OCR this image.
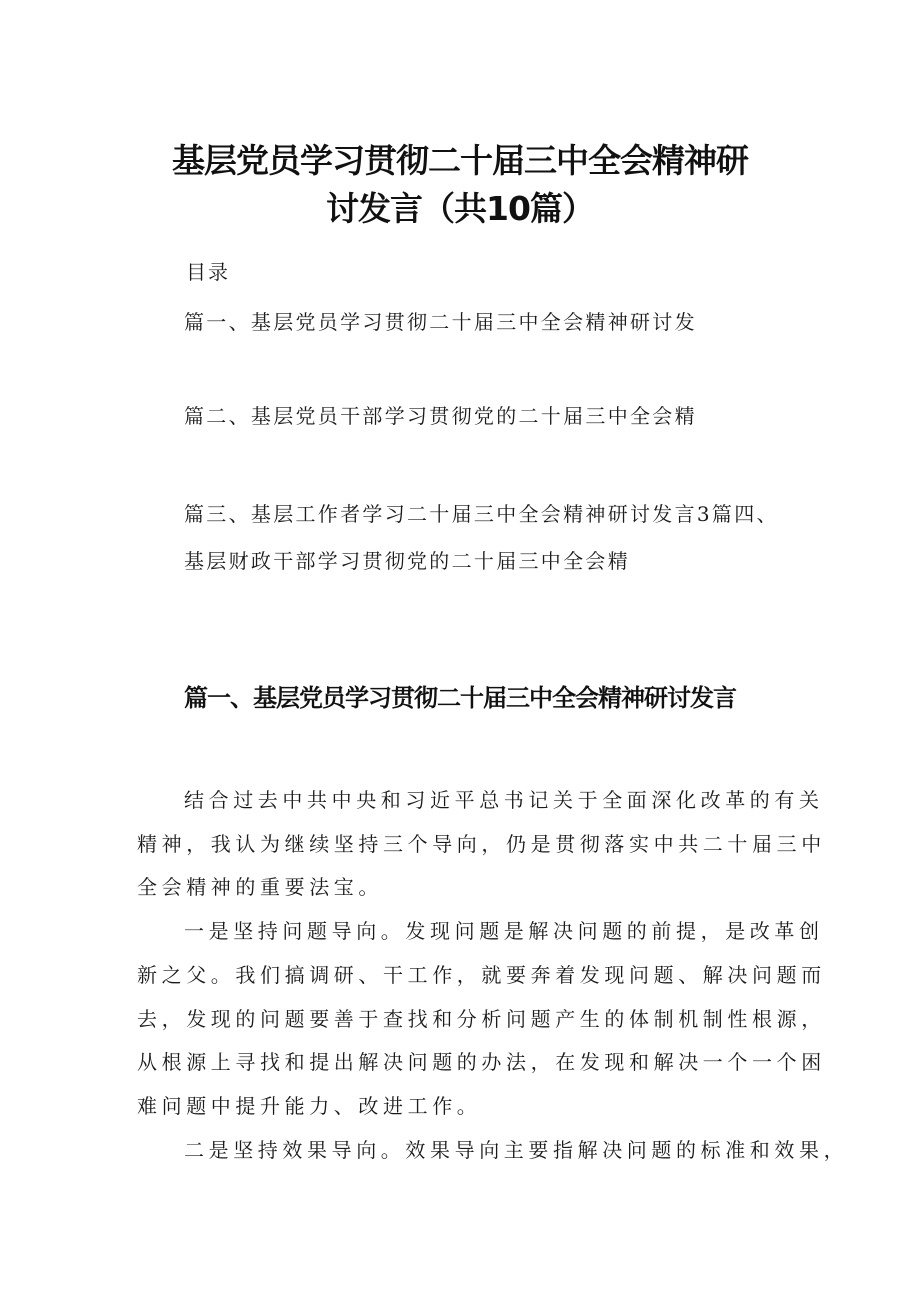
基层党员学习贯彻二十届三中全会精神研
讨发言（共10篇）
目录
篇一、基层党员学习贯彻二十届三中全会精神研讨发
篇二、基层党员干部学习贯彻党的二十届三中全会精
篇三、基层工作者学习二十届三中全会精神研讨发言3篇四、
基层财政干部学习贯彻党的二十届三中全会精
篇一、基层党员学习贯彻二十届三中全会精神研讨发言
结合过去中共中央和习近平总书记关于全面深化改革的有关
精神，我认为继续坚持三个导向，仍是贯彻落实中共二十届三中
全会精神的重要法宝。
一是坚持问题导向。发现问题是解决问题的前提，是改革创
新之父。我们搞调研、干工作，就要奔着发现问题、解决问题而
去，发现的问题要善于查找和分析问题产生的体制机制性根源，
从根源上寻找和提出解决问题的办法，在发现和解决一个一个困
难问题中提升能力、改进工作。
二是坚持效果导向。效果导向主要指解决问题的标准和效果，
